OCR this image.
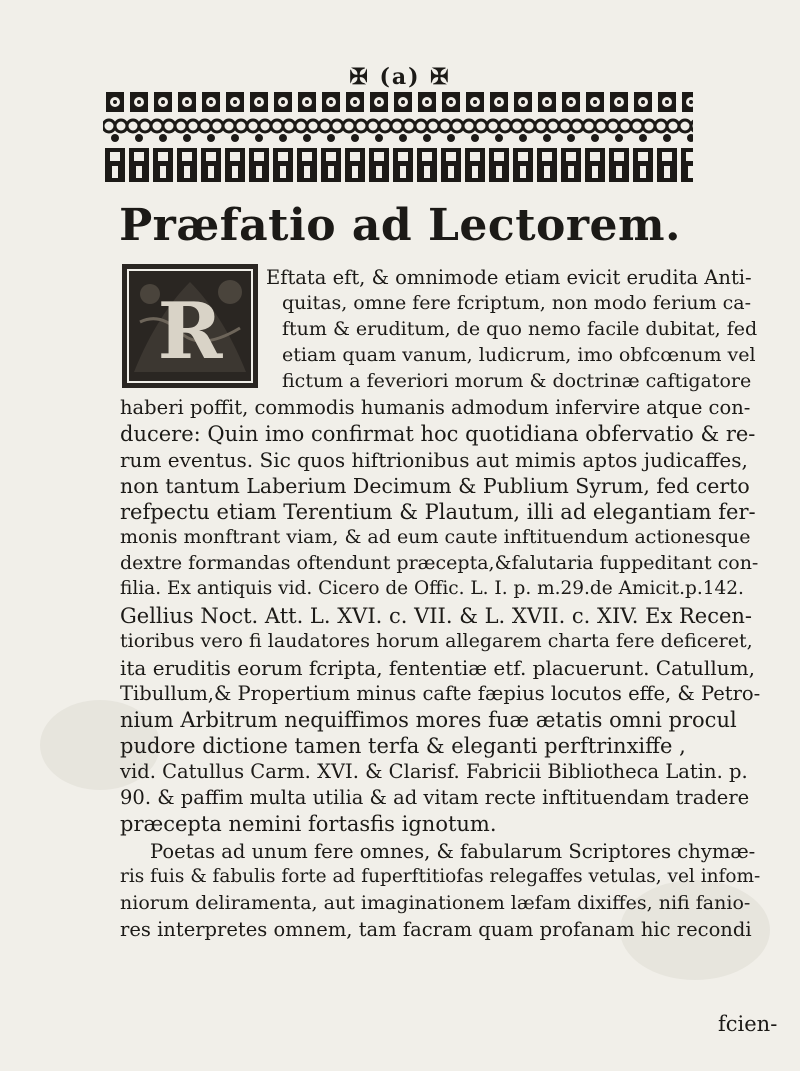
✠ (a) ✠
Præfatio ad Lectorem.
R
Eftata eft, & omnimode etiam evicit erudita Anti-
quitas, omne fere fcriptum, non modo ferium ca-
ftum & eruditum, de quo nemo facile dubitat, fed
etiam quam vanum, ludicrum, imo obfcœnum vel
fictum a feveriori morum & doctrinæ caftigatore
haberi poffit, commodis humanis admodum infervire atque con-
ducere: Quin imo confirmat hoc quotidiana obfervatio & re-
rum eventus. Sic quos hiftrionibus aut mimis aptos judicaffes,
non tantum Laberium Decimum & Publium Syrum, fed certo
refpectu etiam Terentium & Plautum, illi ad elegantiam fer-
monis monftrant viam, & ad eum caute inftituendum actionesque
dextre formandas oftendunt præcepta,&falutaria fuppeditant con-
filia. Ex antiquis vid. Cicero de Offic. L. I. p. m.29.de Amicit.p.142.
Gellius Noct. Att. L. XVI. c. VII. & L. XVII. c. XIV. Ex Recen-
tioribus vero fi laudatores horum allegarem charta fere deficeret,
ita eruditis eorum fcripta, fententiæ etf. placuerunt. Catullum,
Tibullum,& Propertium minus cafte fæpius locutos effe, & Petro-
nium Arbitrum nequiffimos mores fuæ ætatis omni procul
pudore dictione tamen terfa & eleganti perftrinxiffe ,
vid. Catullus Carm. XVI. & Clarisf. Fabricii Bibliotheca Latin. p.
90. & paffim multa utilia & ad vitam recte inftituendam tradere
præcepta nemini fortasfis ignotum.
Poetas ad unum fere omnes, & fabularum Scriptores chymæ-
ris fuis & fabulis forte ad fuperftitiofas relegaffes vetulas, vel infom-
niorum deliramenta, aut imaginationem læfam dixiffes, nifi fanio-
res interpretes omnem, tam facram quam profanam hic recondi
fcien-
